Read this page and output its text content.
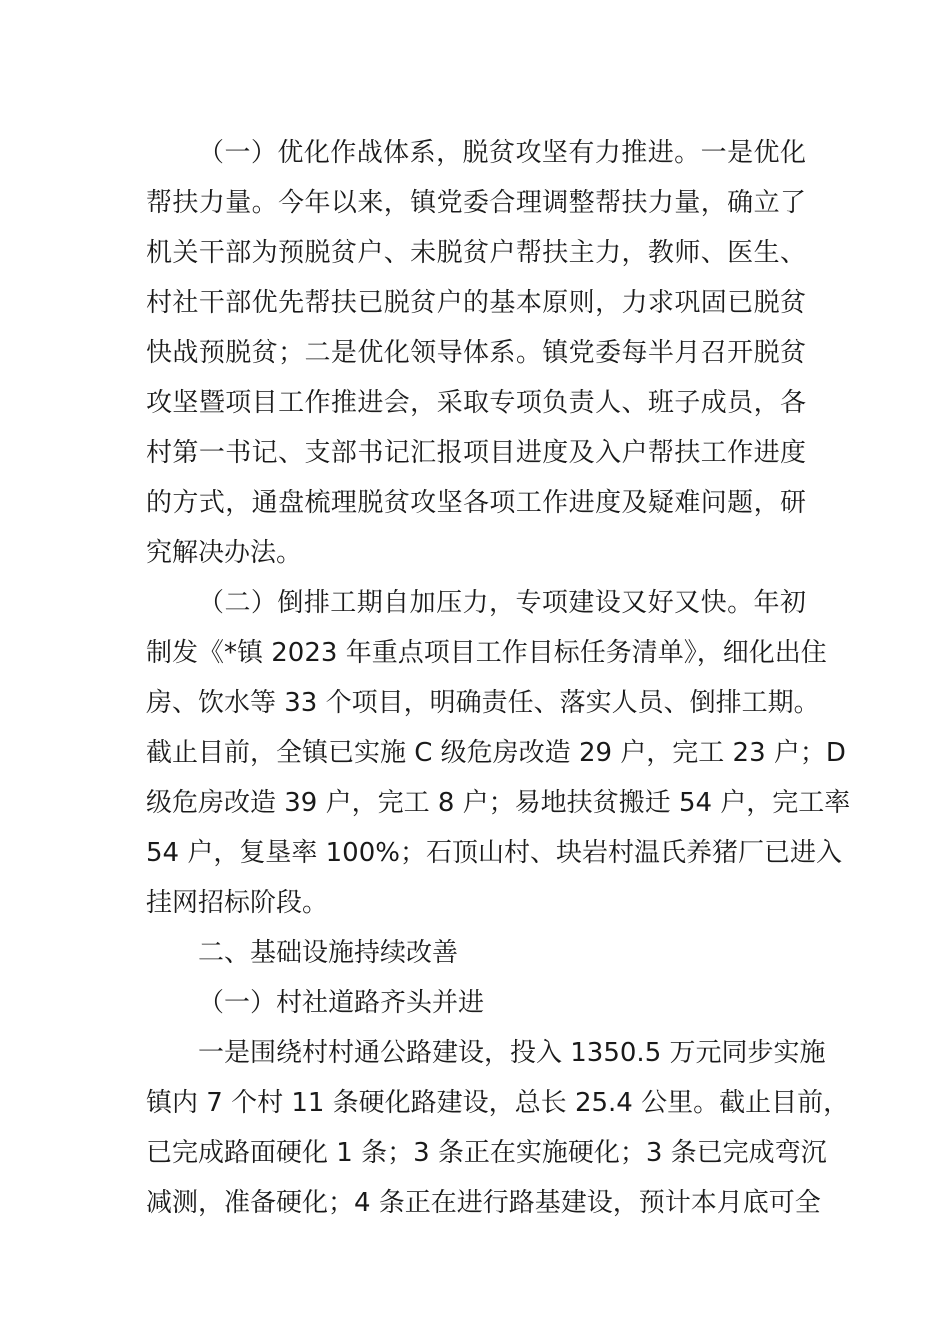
（一）优化作战体系，脱贫攻坚有力推进。一是优化
帮扶力量。今年以来，镇党委合理调整帮扶力量，确立了
机关干部为预脱贫户、未脱贫户帮扶主力，教师、医生、
村社干部优先帮扶已脱贫户的基本原则，力求巩固已脱贫
快战预脱贫；二是优化领导体系。镇党委每半月召开脱贫
攻坚暨项目工作推进会，采取专项负责人、班子成员，各
村第一书记、支部书记汇报项目进度及入户帮扶工作进度
的方式，通盘梳理脱贫攻坚各项工作进度及疑难问题，研
究解决办法。
（二）倒排工期自加压力，专项建设又好又快。年初
制发《*镇 2023 年重点项目工作目标任务清单》，细化出住
房、饮水等 33 个项目，明确责任、落实人员、倒排工期。
截止目前，全镇已实施 C 级危房改造 29 户，完工 23 户；D
级危房改造 39 户，完工 8 户；易地扶贫搬迁 54 户，完工率
54 户，复垦率 100%；石顶山村、块岩村温氏养猪厂已进入
挂网招标阶段。
二、基础设施持续改善
（一）村社道路齐头并进
一是围绕村村通公路建设，投入 1350.5 万元同步实施
镇内 7 个村 11 条硬化路建设，总长 25.4 公里。截止目前，
已完成路面硬化 1 条；3 条正在实施硬化；3 条已完成弯沉
减测，准备硬化；4 条正在进行路基建设，预计本月底可全
